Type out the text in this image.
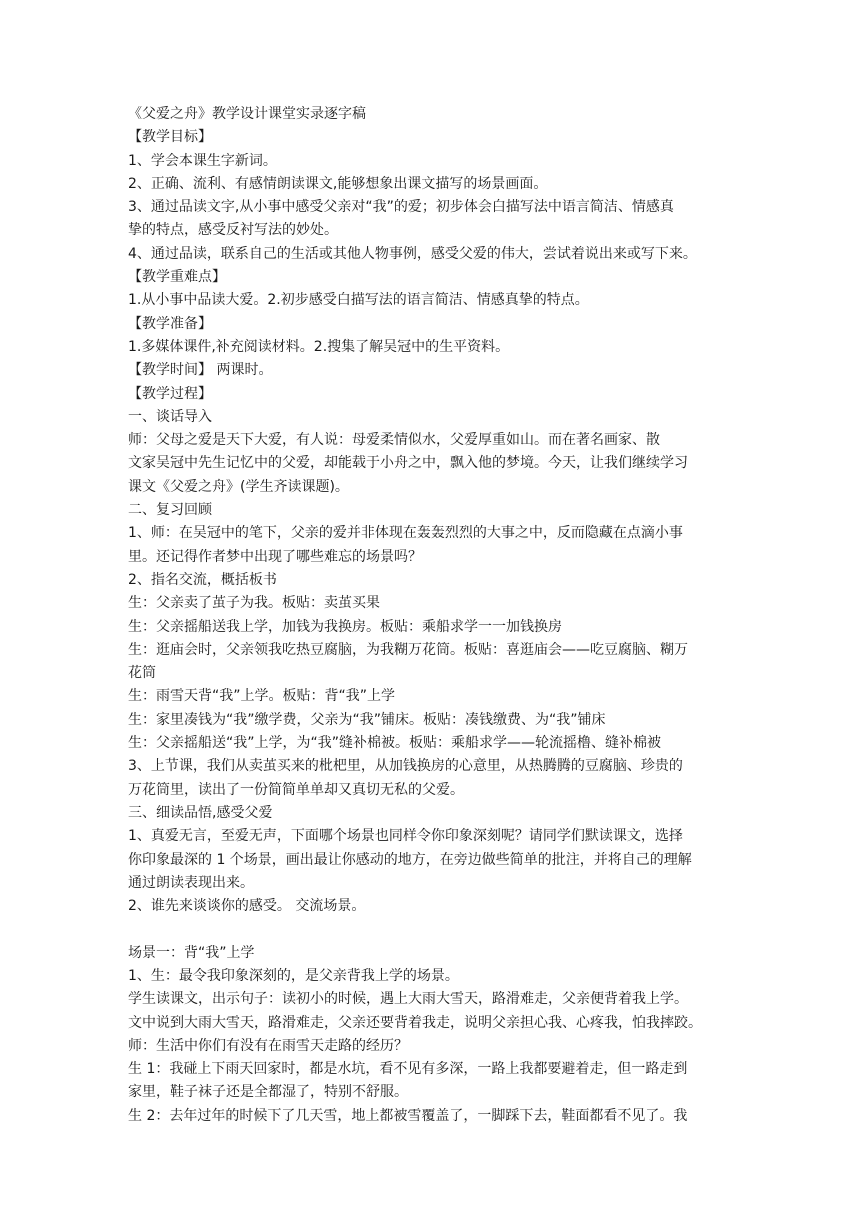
《父爱之舟》教学设计课堂实录逐字稿
【教学目标】
1、学会本课生字新词。
2、正确、流利、有感情朗读课文,能够想象出课文描写的场景画面。
3、通过品读文字,从小事中感受父亲对“我”的爱；初步体会白描写法中语言简洁、情感真
挚的特点，感受反衬写法的妙处。
4、通过品读，联系自己的生活或其他人物事例，感受父爱的伟大，尝试着说出来或写下来。
【教学重难点】
1.从小事中品读大爱。2.初步感受白描写法的语言简洁、情感真挚的特点。
【教学准备】
1.多媒体课件,补充阅读材料。2.搜集了解吴冠中的生平资料。
【教学时间】 两课时。
【教学过程】
一、谈话导入
师：父母之爱是天下大爱，有人说：母爱柔情似水，父爱厚重如山。而在著名画家、散
文家吴冠中先生记忆中的父爱，却能载于小舟之中，飘入他的梦境。今天，让我们继续学习
课文《父爱之舟》(学生齐读课题)。
二、复习回顾
1、师：在吴冠中的笔下，父亲的爱并非体现在轰轰烈烈的大事之中，反而隐藏在点滴小事
里。还记得作者梦中出现了哪些难忘的场景吗？
2、指名交流，概括板书
生：父亲卖了茧子为我。板贴：卖茧买果
生：父亲摇船送我上学，加钱为我换房。板贴：乘船求学一一加钱换房
生：逛庙会时，父亲领我吃热豆腐脑，为我糊万花筒。板贴：喜逛庙会——吃豆腐脑、糊万
花筒
生：雨雪天背“我”上学。板贴：背“我”上学
生：家里凑钱为“我”缴学费，父亲为“我”铺床。板贴：凑钱缴费、为“我”铺床
生：父亲摇船送“我”上学，为“我”缝补棉被。板贴：乘船求学——轮流摇橹、缝补棉被
3、上节课，我们从卖茧买来的枇杷里，从加钱换房的心意里，从热腾腾的豆腐脑、珍贵的
万花筒里，读出了一份简简单单却又真切无私的父爱。
三、细读品悟,感受父爱
1、真爱无言，至爱无声，下面哪个场景也同样令你印象深刻呢？请同学们默读课文，选择
你印象最深的 1 个场景，画出最让你感动的地方，在旁边做些简单的批注，并将自己的理解
通过朗读表现出来。
2、谁先来谈谈你的感受。 交流场景。
场景一：背“我”上学
1、生：最令我印象深刻的，是父亲背我上学的场景。
学生读课文，出示句子：读初小的时候，遇上大雨大雪天，路滑难走，父亲便背着我上学。
文中说到大雨大雪天，路滑难走，父亲还要背着我走，说明父亲担心我、心疼我，怕我摔跤。
师：生活中你们有没有在雨雪天走路的经历？
生 1：我碰上下雨天回家时，都是水坑，看不见有多深，一路上我都要避着走，但一路走到
家里，鞋子袜子还是全都湿了，特别不舒服。
生 2：去年过年的时候下了几天雪，地上都被雪覆盖了，一脚踩下去，鞋面都看不见了。我
